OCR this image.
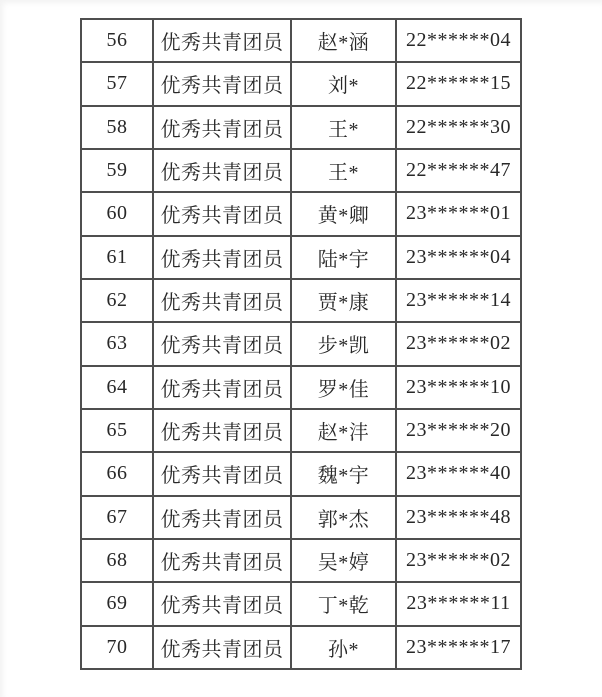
56	优秀共青团员	赵*涵	22******04
57	优秀共青团员	刘*	22******15
58	优秀共青团员	王*	22******30
59	优秀共青团员	王*	22******47
60	优秀共青团员	黄*卿	23******01
61	优秀共青团员	陆*宇	23******04
62	优秀共青团员	贾*康	23******14
63	优秀共青团员	步*凯	23******02
64	优秀共青团员	罗*佳	23******10
65	优秀共青团员	赵*沣	23******20
66	优秀共青团员	魏*宇	23******40
67	优秀共青团员	郭*杰	23******48
68	优秀共青团员	吴*婷	23******02
69	优秀共青团员	丁*乾	23******11
70	优秀共青团员	孙*	23******17
